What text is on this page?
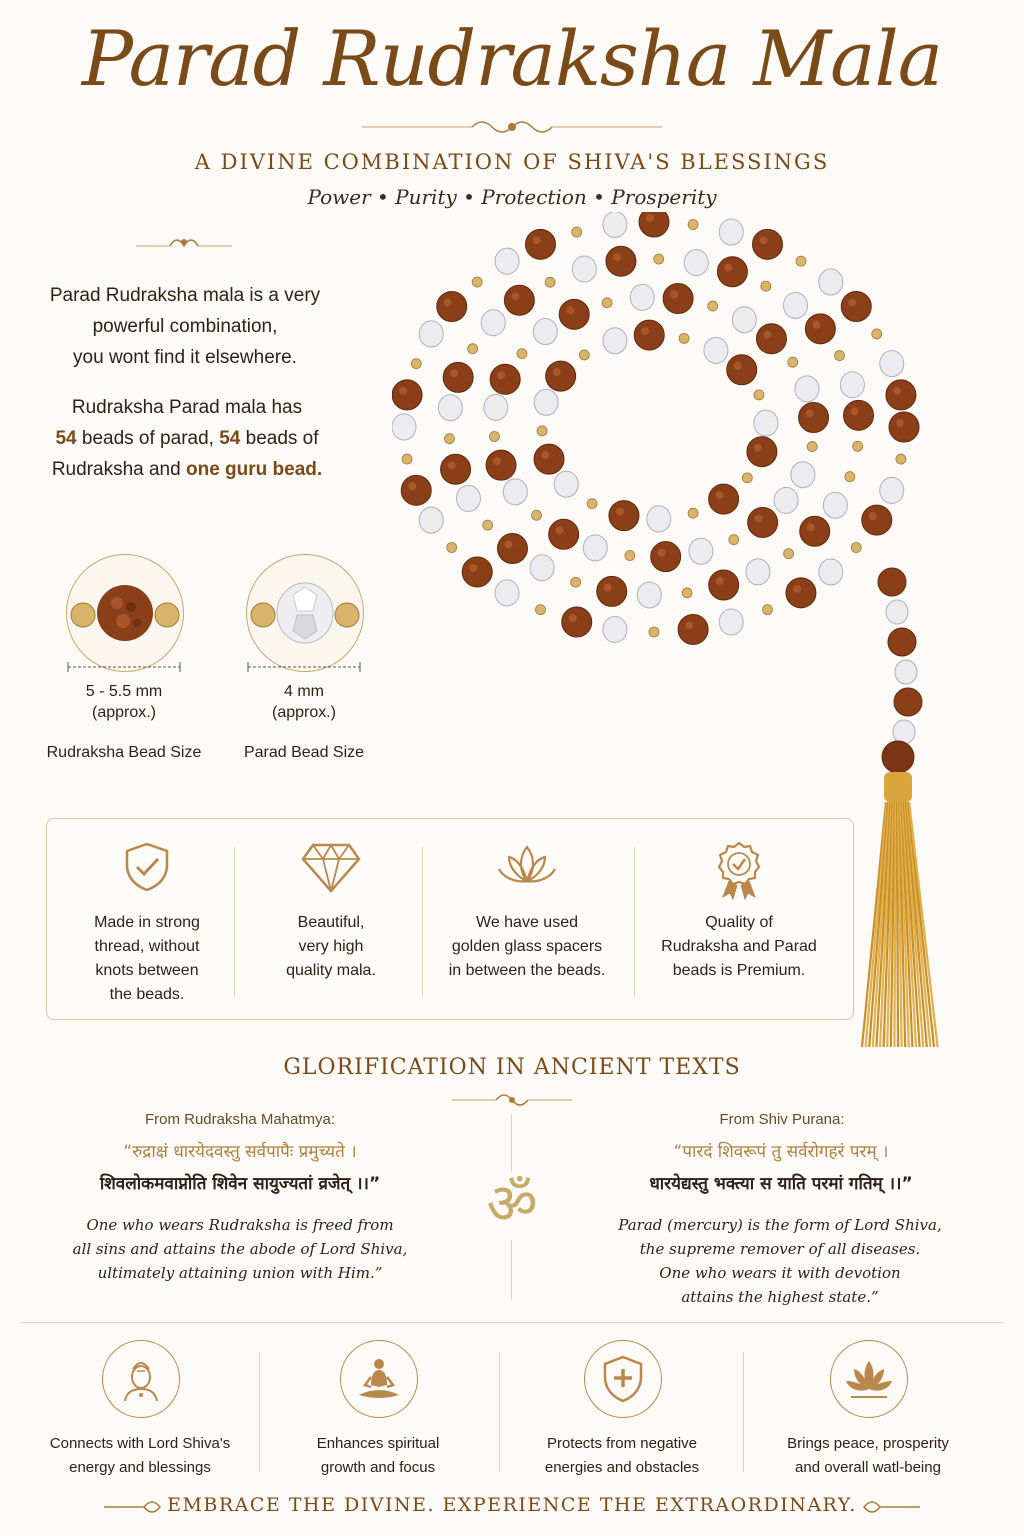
Parad Rudraksha Mala
A DIVINE COMBINATION OF SHIVA'S BLESSINGS
Power • Purity • Protection • Prosperity
Parad Rudraksha mala is a very
powerful combination,
you wont find it elsewhere.
Rudraksha Parad mala has
54 beads of parad, 54 beads of
Rudraksha and one guru bead.
5 - 5.5 mm
(approx.)
4 mm
(approx.)
Rudraksha Bead Size	Parad Bead Size
Made in strong
thread, without
knots between
the beads.
Beautiful,
very high
quality mala.
We have used
golden glass spacers
in between the beads.
Quality of
Rudraksha and Parad
beads is Premium.
GLORIFICATION IN ANCIENT TEXTS
From Rudraksha Mahatmya:
“रुद्राक्षं धारयेदवस्तु सर्वपापैः प्रमुच्यते ।
शिवलोकमवाप्नोति शिवेन सायुज्यतां व्रजेत् ।।”
One who wears Rudraksha is freed from
all sins and attains the abode of Lord Shiva,
ultimately attaining union with Him.”
ॐ
From Shiv Purana:
“पारदं शिवरूपं तु सर्वरोगहरं परम् ।
धारयेद्यस्तु भक्त्या स याति परमां गतिम् ।।”
Parad (mercury) is the form of Lord Shiva,
the supreme remover of all diseases.
One who wears it with devotion
attains the highest state.”
Connects with Lord Shiva's
energy and blessings
Enhances spiritual
growth and focus
Protects from negative
energies and obstacles
Brings peace, prosperity
and overall watl-being
EMBRACE THE DIVINE. EXPERIENCE THE EXTRAORDINARY.
